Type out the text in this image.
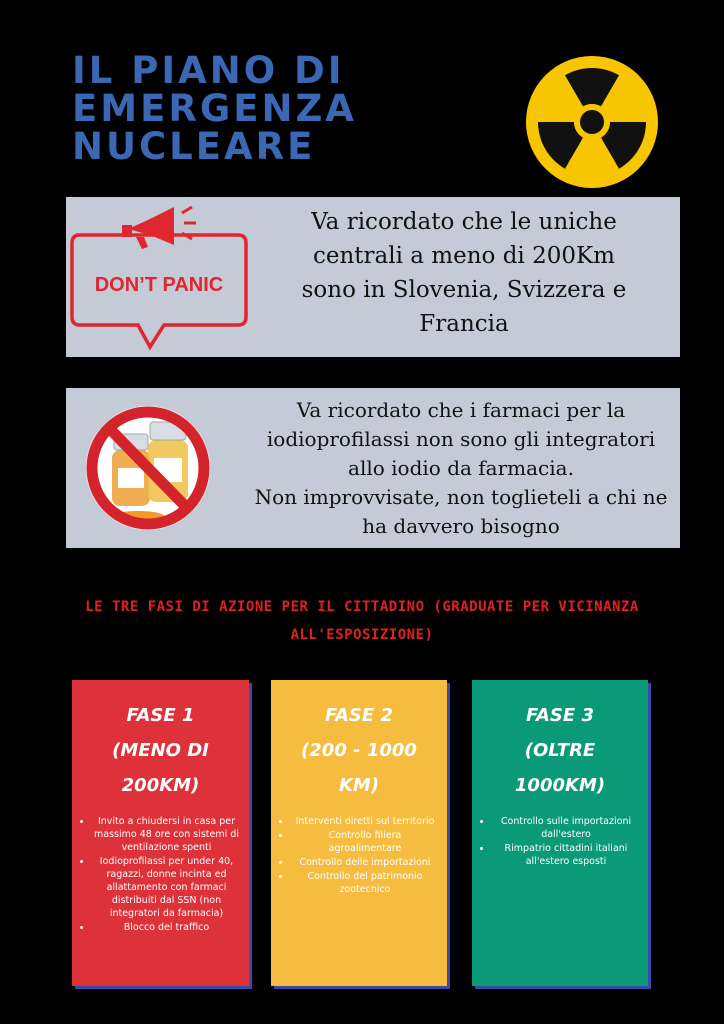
IL PIANO DI
EMERGENZA
NUCLEARE
DON’T PANIC
Va ricordato che le uniche
centrali a meno di 200Km
sono in Slovenia, Svizzera e Francia
Va ricordato che i farmaci per la
iodioprofilassi non sono gli integratori
allo iodio da farmacia.
Non improvvisate, non toglieteli a chi ne
ha davvero bisogno
LE TRE FASI DI AZIONE PER IL CITTADINO (GRADUATE PER VICINANZA
ALL'ESPOSIZIONE)
FASE 1
(MENO DI
200KM)
• Invito a chiudersi in casa per massimo 48 ore con sistemi di ventilazione spenti
• Iodioprofilassi per under 40, ragazzi, donne incinta ed allattamento con farmaci distribuiti dal SSN (non integratori da farmacia)
• Blocco del traffico
FASE 2
(200 - 1000
KM)
• Interventi diretti sul territorio
• Controllo filiera agroalimentare
• Controllo delle importazioni
• Controllo del patrimonio zootecnico
FASE 3
(OLTRE
1000KM)
• Controllo sulle importazioni dall'estero
• Rimpatrio cittadini italiani all'estero esposti
